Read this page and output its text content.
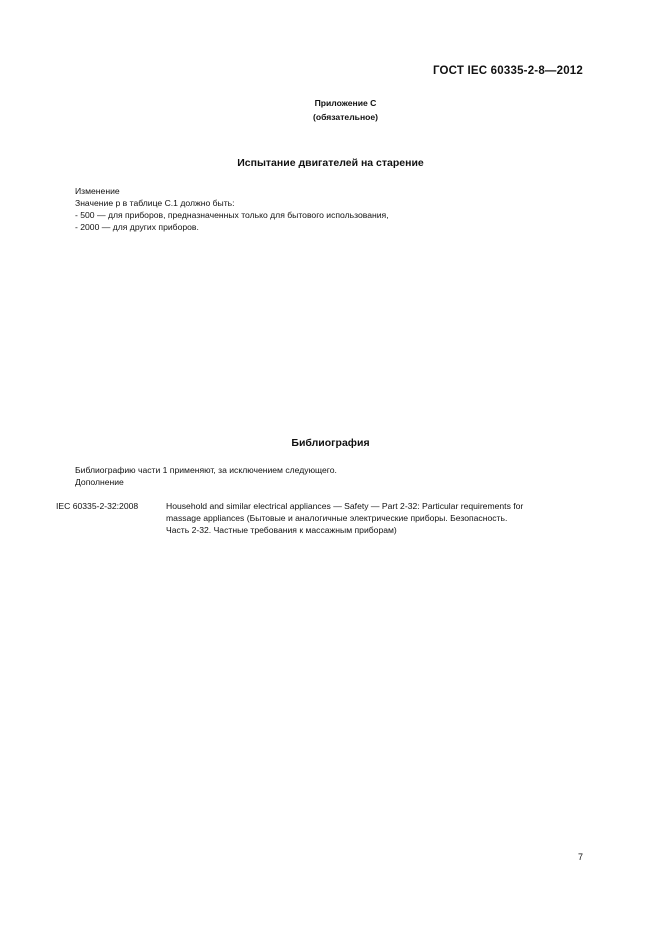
ГОСТ IEC 60335-2-8—2012
Приложение С
(обязательное)
Испытание двигателей на старение
Изменение
Значение p в таблице С.1 должно быть:
- 500 — для приборов, предназначенных только для бытового использования,
- 2000 — для других приборов.
Библиография
Библиографию части 1 применяют, за исключением следующего.
Дополнение
IEC 60335-2-32:2008	Household and similar electrical appliances — Safety — Part 2-32: Particular requirements for
massage appliances (Бытовые и аналогичные электрические приборы. Безопасность.
Часть 2-32. Частные требования к массажным приборам)
7
